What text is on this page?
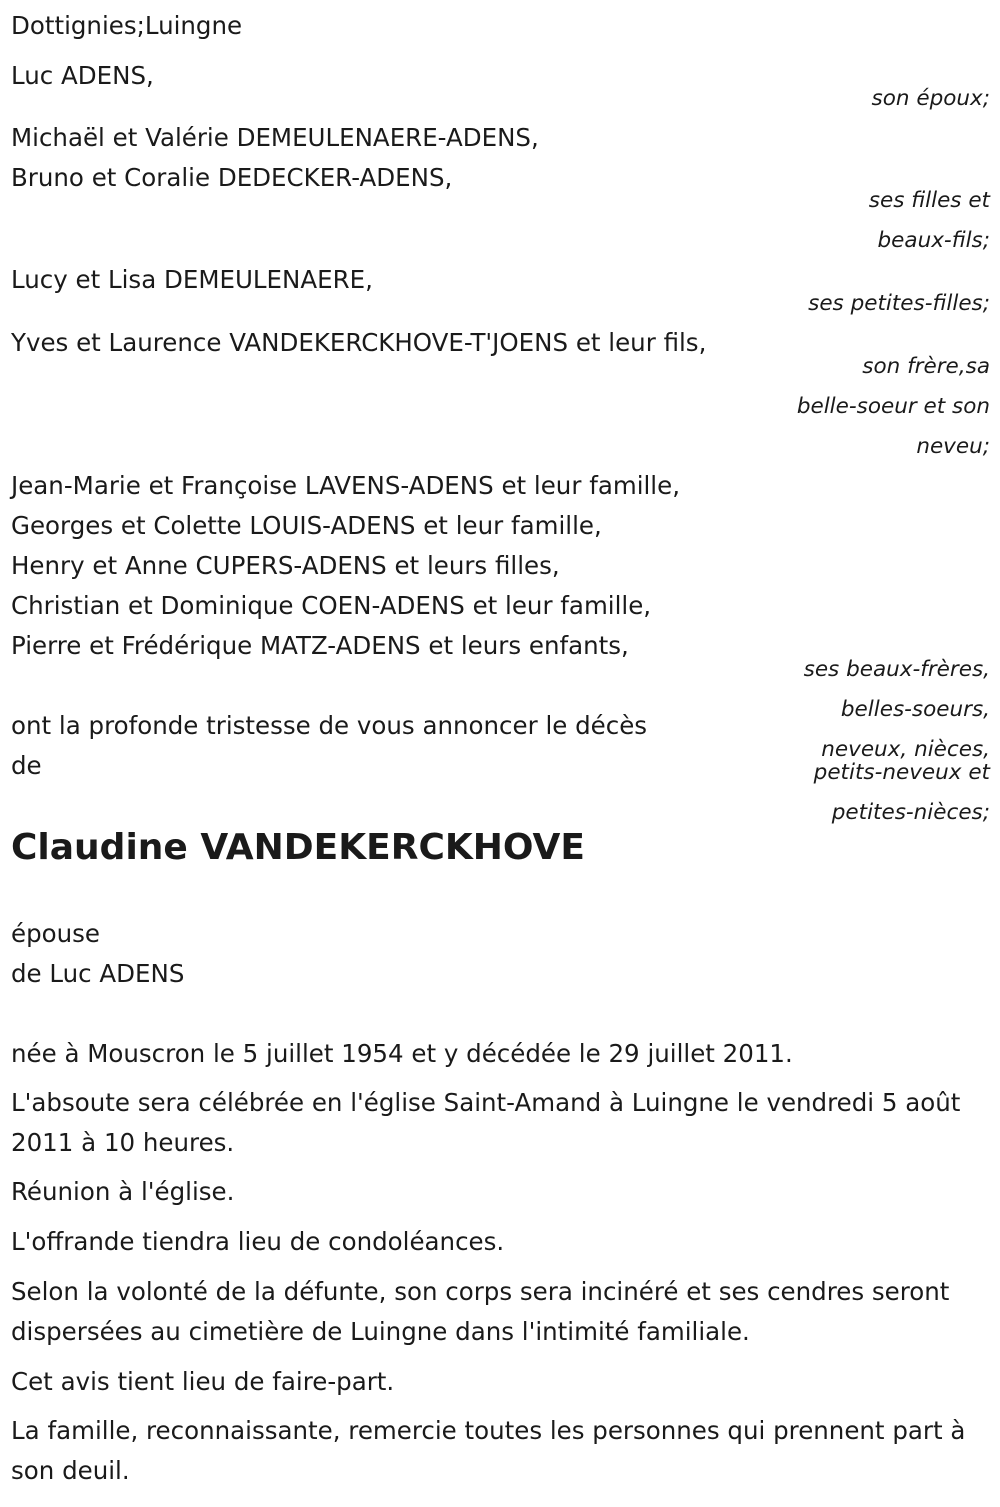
Dottignies;Luingne

Luc ADENS,

son époux;

Michaël et Valérie DEMEULENAERE-ADENS,

Bruno et Coralie DEDECKER-ADENS,

ses filles et

beaux-fils;

Lucy et Lisa DEMEULENAERE,

ses petites-filles;

Yves et Laurence VANDEKERCKHOVE-T'JOENS et leur fils,

son frère,sa

belle-soeur et son

neveu;

Jean-Marie et Françoise LAVENS-ADENS et leur famille,

Georges et Colette LOUIS-ADENS et leur famille,

Henry et Anne CUPERS-ADENS et leurs filles,

Christian et Dominique COEN-ADENS et leur famille,

Pierre et Frédérique MATZ-ADENS et leurs enfants,

ses beaux-frères,

belles-soeurs,

neveux, nièces,

petits-neveux et

petites-nièces;

ont la profonde tristesse de vous annoncer le décès

de

Claudine VANDEKERCKHOVE

épouse

de Luc ADENS

née à Mouscron le 5 juillet 1954 et y décédée le 29 juillet 2011.

L'absoute sera célébrée en l'église Saint-Amand à Luingne le vendredi 5 août 2011 à 10 heures.

Réunion à l'église.

L'offrande tiendra lieu de condoléances.

Selon la volonté de la défunte, son corps sera incinéré et ses cendres seront dispersées au cimetière de Luingne dans l'intimité familiale.

Cet avis tient lieu de faire-part.

La famille, reconnaissante, remercie toutes les personnes qui prennent part à son deuil.
